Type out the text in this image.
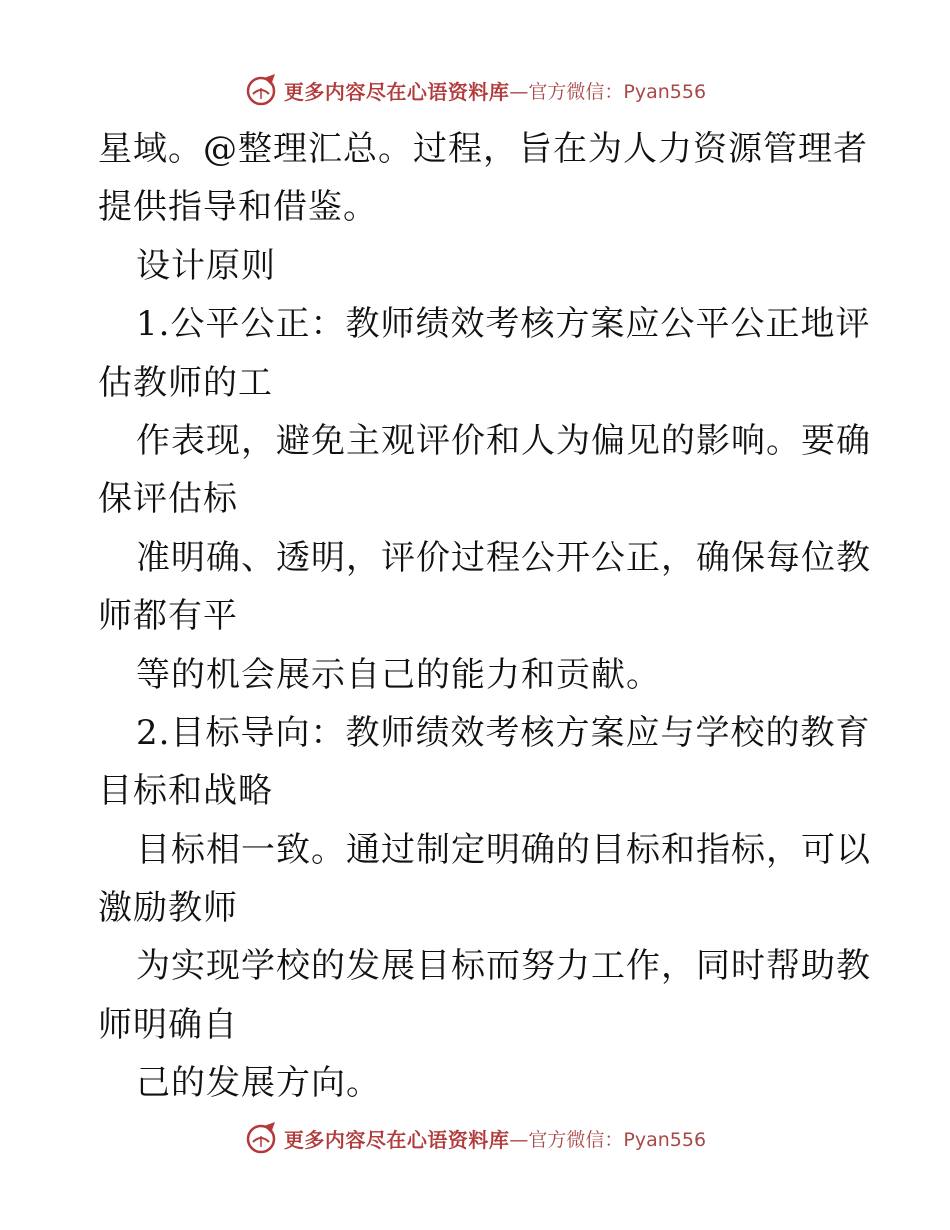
更多内容尽在心语资料库 —官方微信：Pyan556
星域。@整理汇总。过程，旨在为人力资源管理者
提供指导和借鉴。
设计原则
1.公平公正：教师绩效考核方案应公平公正地评
估教师的工
作表现，避免主观评价和人为偏见的影响。要确
保评估标
准明确、透明，评价过程公开公正，确保每位教
师都有平
等的机会展示自己的能力和贡献。
2.目标导向：教师绩效考核方案应与学校的教育
目标和战略
目标相一致。通过制定明确的目标和指标，可以
激励教师
为实现学校的发展目标而努力工作，同时帮助教
师明确自
己的发展方向。
更多内容尽在心语资料库 —官方微信：Pyan556
